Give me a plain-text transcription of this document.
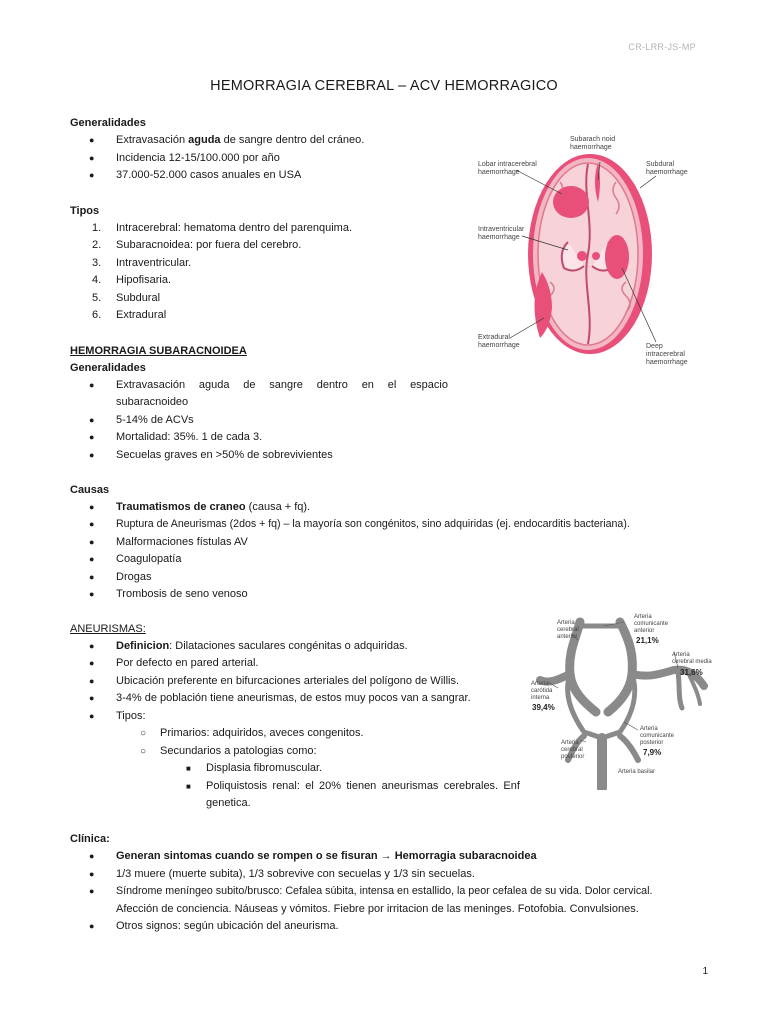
CR-LRR-JS-MP
HEMORRAGIA CEREBRAL – ACV HEMORRAGICO
Generalidades
● Extravasación aguda de sangre dentro del cráneo.
● Incidencia 12-15/100.000 por año
● 37.000-52.000 casos anuales en USA
Tipos
1. Intracerebral: hematoma dentro del parenquima.
2. Subaracnoidea: por fuera del cerebro.
3. Intraventricular.
4. Hipofisaria.
5. Subdural
6. Extradural
Subarach noid
haemorrhage
Lobar intracerebral
haemorrhage
Subdural
haemorrhage
Intraventricular
haemorrhage
Extradural
haemorrhage	Deep
intracerebral
haemorrhage
HEMORRAGIA SUBARACNOIDEA
Generalidades
● Extravasación aguda de sangre dentro en el espacio
subaracnoideo
● 5-14% de ACVs
● Mortalidad: 35%. 1 de cada 3.
● Secuelas graves en >50% de sobrevivientes
Causas
● Traumatismos de craneo (causa + fq).
● Ruptura de Aneurismas (2dos + fq) – la mayoría son congénitos, sino adquiridas (ej. endocarditis bacteriana).
● Malformaciones fístulas AV
● Coagulopatía
● Drogas
● Trombosis de seno venoso
ANEURISMAS:
● Definicion: Dilataciones saculares congénitas o adquiridas.
● Por defecto en pared arterial.
● Ubicación preferente en bifurcaciones arteriales del polígono de Willis.
● 3-4% de población tiene aneurismas, de estos muy pocos van a sangrar.
● Tipos:
○ Primarios: adquiridos, aveces congenitos.
○ Secundarios a patologias como:
■ Displasia fibromuscular.
■ Poliquistosis renal: el 20% tienen aneurismas cerebrales. Enf
genetica.
Arteria
cerebral
anterior
Arteria
comunicante
anterior
21,1%
Arteria
cerebral media
31,6%
Arteria
carótida
interna
39,4%
Arteria
comunicante
posterior
7,9%
Arteria
cerebral
posterior
Arteria basilar
Clínica:
● Generan sintomas cuando se rompen o se fisuran → Hemorragia subaracnoidea
● 1/3 muere (muerte subita), 1/3 sobrevive con secuelas y 1/3 sin secuelas.
● Síndrome meníngeo subito/brusco: Cefalea súbita, intensa en estallido, la peor cefalea de su vida. Dolor cervical.
Afección de conciencia. Náuseas y vómitos. Fiebre por irritacion de las meninges. Fotofobia. Convulsiones.
● Otros signos: según ubicación del aneurisma.
1
